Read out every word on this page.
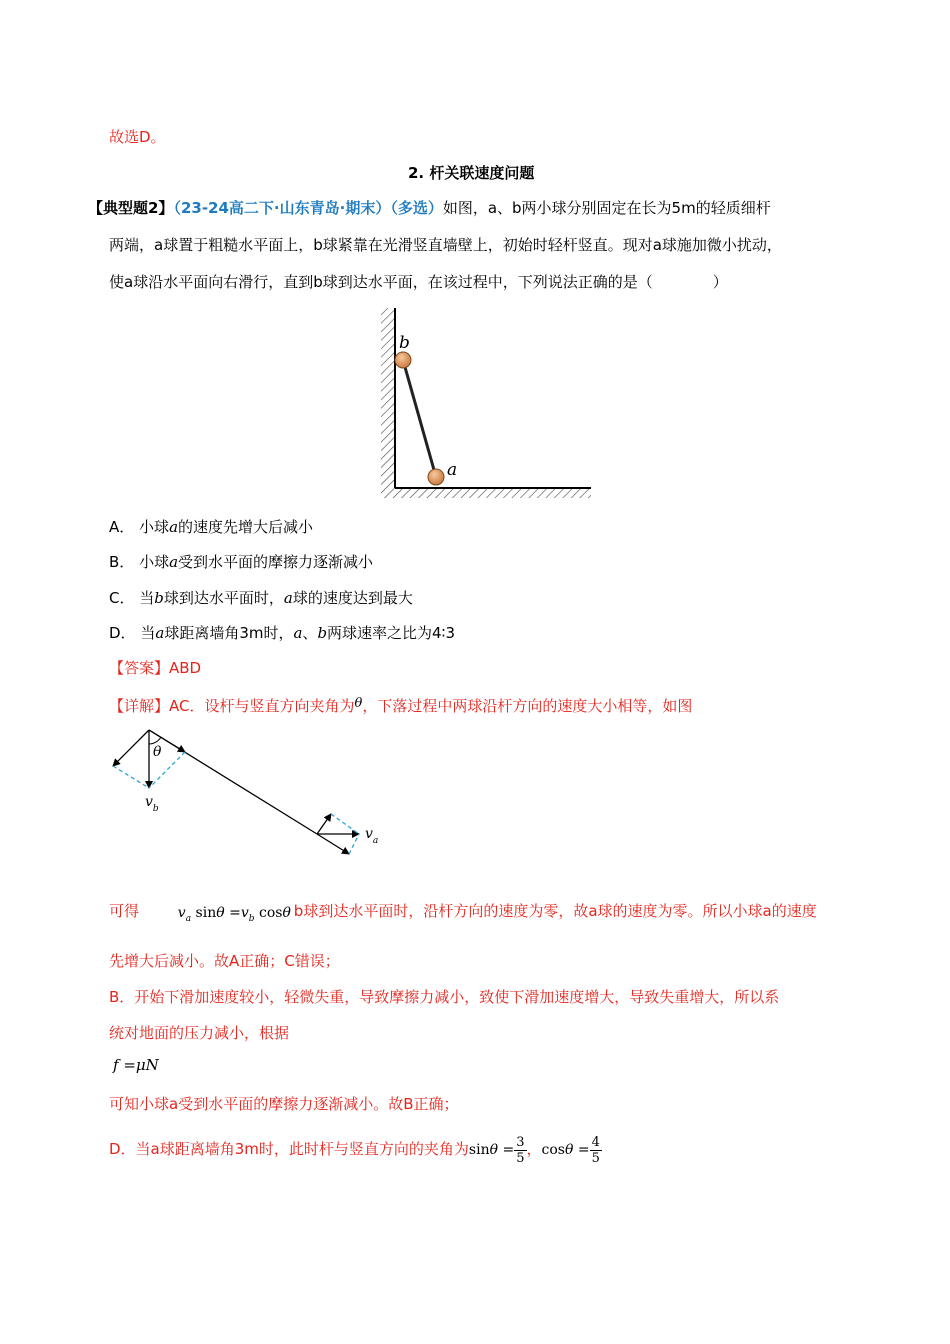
故选D。
2. 杆关联速度问题
【典型题2】（23-24高二下·山东青岛·期末）（多选）如图，a、b两小球分别固定在长为5m的轻质细杆
两端，a球置于粗糙水平面上，b球紧靠在光滑竖直墙壁上，初始时轻杆竖直。现对a球施加微小扰动，
使a球沿水平面向右滑行，直到b球到达水平面，在该过程中，下列说法正确的是（　　　　）
b
a
A． 小球a的速度先增大后减小
B． 小球a受到水平面的摩擦力逐渐减小
C． 当b球到达水平面时，a球的速度达到最大
D． 当a球距离墙角3m时，a、b两球速率之比为4∶3
【答案】ABD
【详解】AC．设杆与竖直方向夹角为θ，下落过程中两球沿杆方向的速度大小相等，如图
θ
$v_b$
$v_a$
可得	$v_a$ $\sin\theta =v_b$ cosθ b球到达水平面时，沿杆方向的速度为零，故a球的速度为零。所以小球a的速度
先增大后减小。故A正确；C错误；
B．开始下滑加速度较小，轻微失重，导致摩擦力减小，致使下滑加速度增大，导致失重增大，所以系
统对地面的压力减小，根据
f =μN
可知小球a受到水平面的摩擦力逐渐减小。故B正确；
D．当a球距离墙角3m时，此时杆与竖直方向的夹角为$\sin\theta = \frac{3}{5}$ ，$\cos\theta = \frac{4}{5}$
